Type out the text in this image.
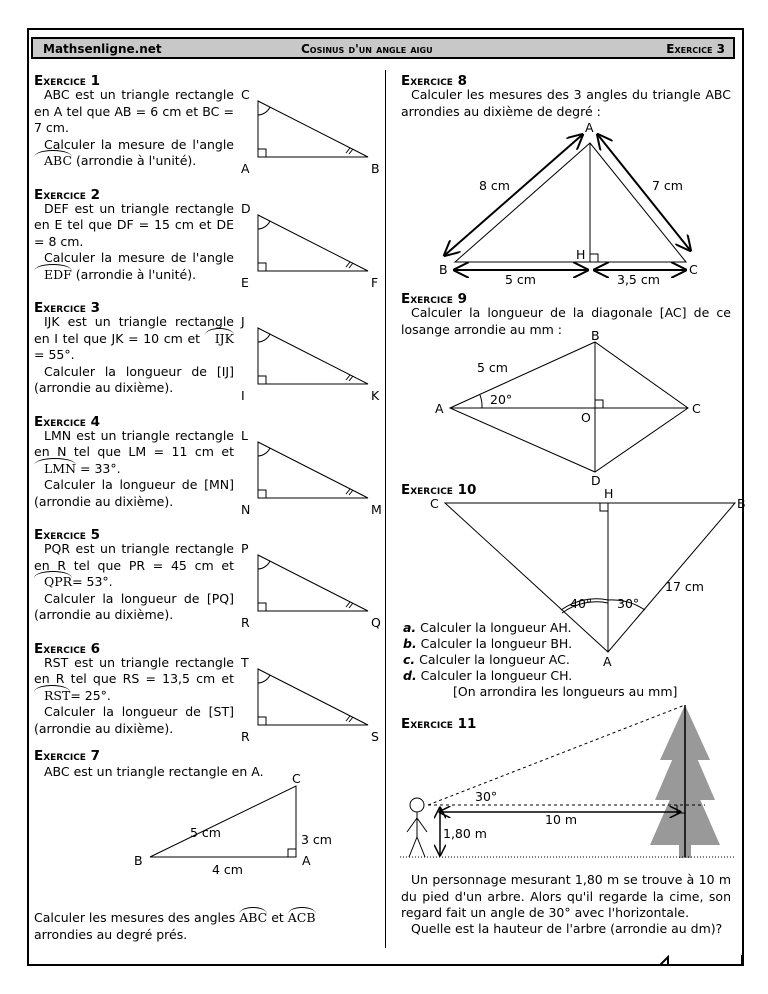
Mathsenligne.net	Cosinus d'un angle aigu	Exercice 3
Exercice 1
ABC est un triangle rectangle en A tel que AB = 6 cm et BC = 7 cm.
Calculer la mesure de l'angle ABC (arrondie à l'unité).
C
A	B
Exercice 2
DEF est un triangle rectangle en E tel que DF = 15 cm et DE = 8 cm.
Calculer la mesure de l'angle EDF (arrondie à l'unité).
D
E	F
Exercice 3
IJK est un triangle rectangle en I tel que JK = 10 cm et IJK = 55°.
Calculer la longueur de [IJ] (arrondie au dixième).
J
I	K
Exercice 4
LMN est un triangle rectangle en N tel que LM = 11 cm et LMN = 33°.
Calculer la longueur de [MN] (arrondie au dixième).
L
N	M
Exercice 5
PQR est un triangle rectangle en R tel que PR = 45 cm et QPR= 53°.
Calculer la longueur de [PQ] (arrondie au dixième).
P
R	Q
Exercice 6
RST est un triangle rectangle en R tel que RS = 13,5 cm et RST= 25°.
Calculer la longueur de [ST] (arrondie au dixième).
T
R	S
Exercice 7
ABC est un triangle rectangle en A. C
B	A
5 cm	3 cm
4 cm
Calculer les mesures des angles ABC et ACB
arrondies au degré prés.
Exercice 8
Calculer les mesures des 3 angles du triangle ABC arrondies au dixième de degré :
A
B	C
H
8 cm	7 cm
5 cm	3,5 cm
Exercice 9
Calculer la longueur de la diagonale [AC] de ce losange arrondie au mm :	B
A	C
D
O
5 cm
20°
Exercice 10
C	B
H
A
40° 30°
17 cm
a. Calculer la longueur AH.
b. Calculer la longueur BH.
c. Calculer la longueur AC.
d. Calculer la longueur CH.
[On arrondira les longueurs au mm]
Exercice 11
30°
10 m
1,80 m
Un personnage mesurant 1,80 m se trouve à 10 m du pied d'un arbre. Alors qu'il regarde la cime, son regard fait un angle de 30° avec l'horizontale.
Quelle est la hauteur de l'arbre (arrondie au dm)?
